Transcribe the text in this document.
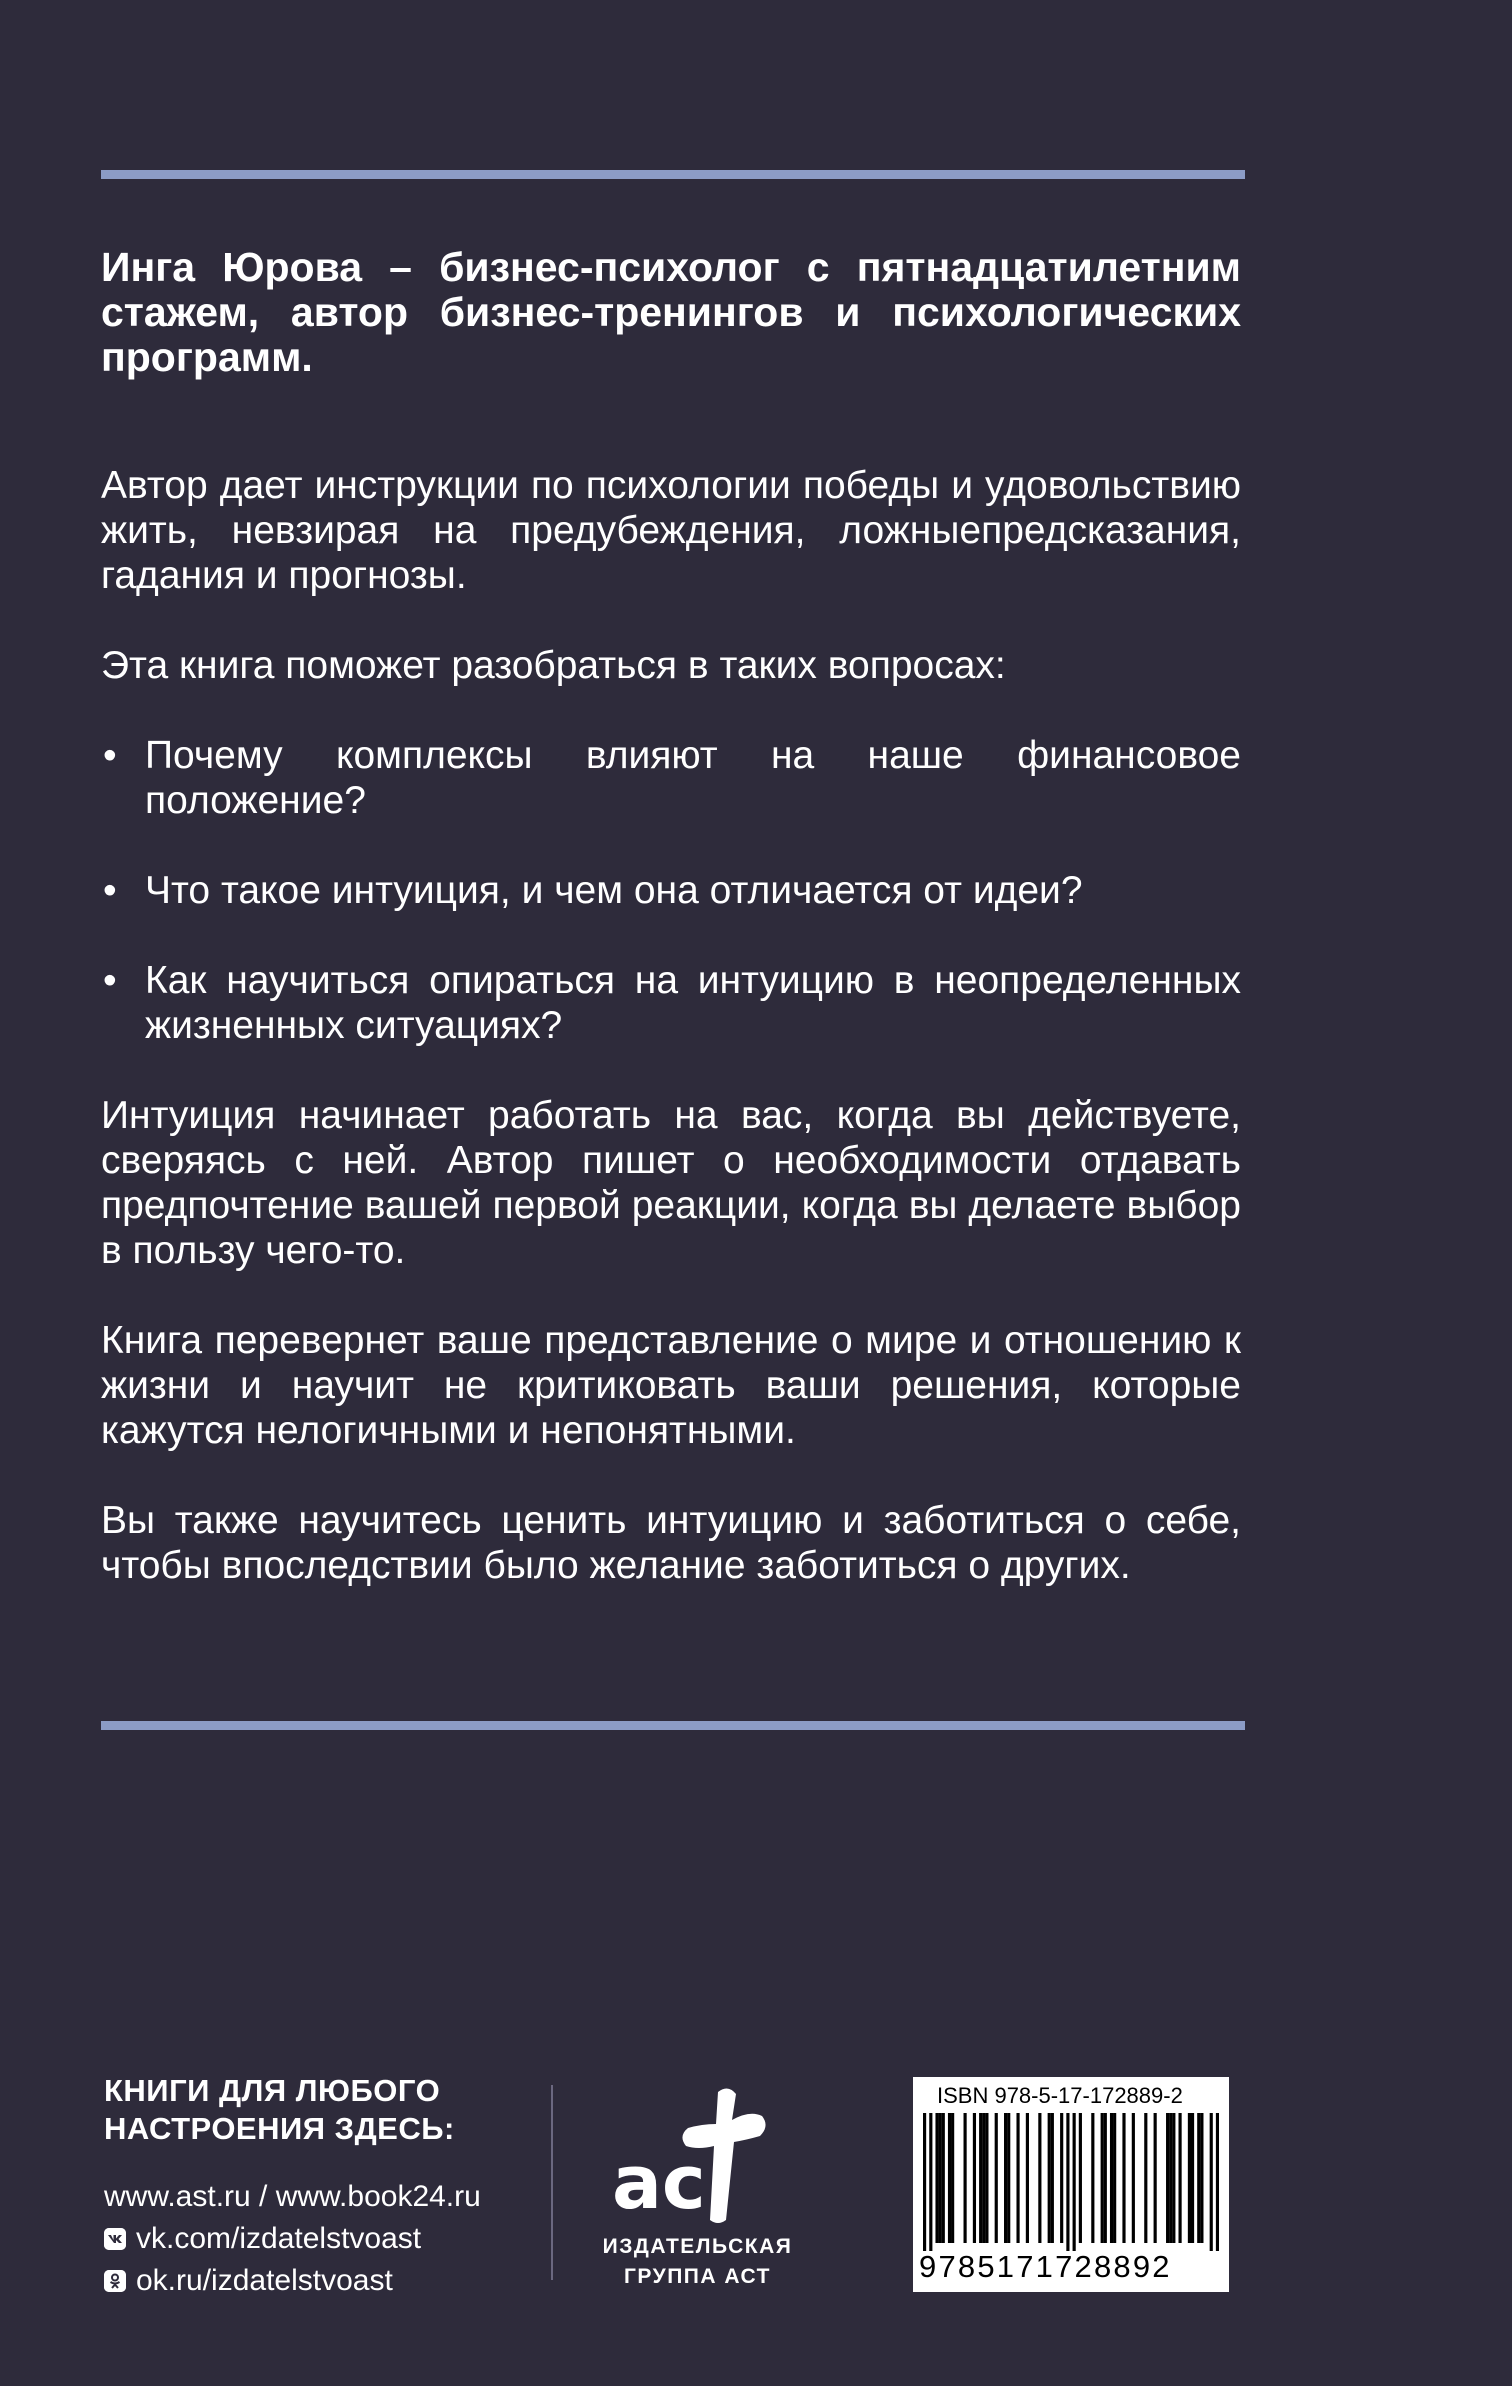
Инга Юрова – бизнес-психолог с пятнадцатилетним стажем, автор бизнес-тренингов и психологических программ.

Автор дает инструкции по психологии победы и удовольствию жить, невзирая на предубеждения, ложныепредсказания, гадания и прогнозы.

Эта книга поможет разобраться в таких вопросах:

• Почему комплексы влияют на наше финансовое положение?
• Что такое интуиция, и чем она отличается от идеи?
• Как научиться опираться на интуицию в неопределенных жизненных ситуациях?

Интуиция начинает работать на вас, когда вы действуете, сверяясь с ней. Автор пишет о необходимости отдавать предпочтение вашей первой реакции, когда вы делаете выбор в пользу чего-то.

Книга перевернет ваше представление о мире и отношению к жизни и научит не критиковать ваши решения, которые кажутся нелогичными и непонятными.

Вы также научитесь ценить интуицию и заботиться о себе, чтобы впоследствии было желание заботиться о других.

КНИГИ ДЛЯ ЛЮБОГО
НАСТРОЕНИЯ ЗДЕСЬ:

www.ast.ru / www.book24.ru
vk.com/izdatelstvoast
ok.ru/izdatelstvoast
ac
ИЗДАТЕЛЬСКАЯ
ГРУППА АСТ
ISBN 978-5-17-172889-2
9785171728892
